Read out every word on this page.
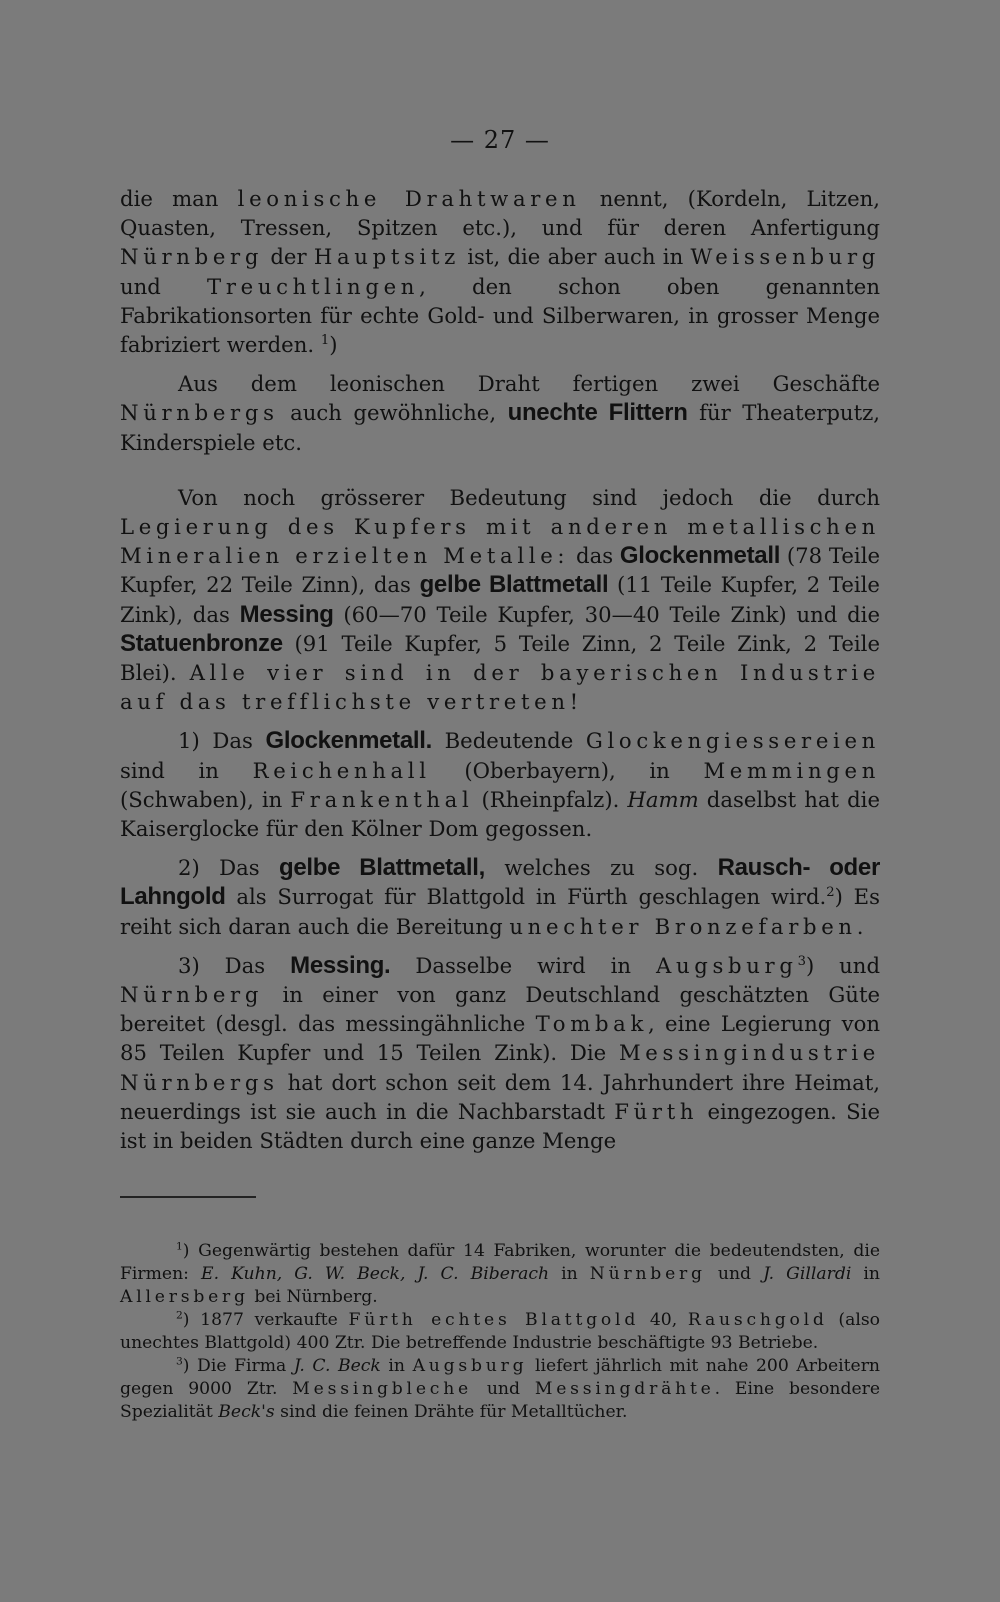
— 27 —

die man leonische Drahtwaren nennt, (Kordeln, Litzen, Quasten, Tressen, Spitzen etc.), und für deren Anfertigung Nürnberg der Hauptsitz ist, die aber auch in Weissenburg und Treuchtlingen, den schon oben genannten Fabrikationsorten für echte Gold- und Silberwaren, in grosser Menge fabriziert werden. $^1$)

Aus dem leonischen Draht fertigen zwei Geschäfte Nürnbergs auch gewöhnliche, unechte Flittern für Theaterputz, Kinderspiele etc.

Von noch grösserer Bedeutung sind jedoch die durch Legierung des Kupfers mit anderen metallischen Mineralien erzielten Metalle: das Glockenmetall (78 Teile Kupfer, 22 Teile Zinn), das gelbe Blattmetall (11 Teile Kupfer, 2 Teile Zink), das Messing (60—70 Teile Kupfer, 30—40 Teile Zink) und die Statuenbronze (91 Teile Kupfer, 5 Teile Zinn, 2 Teile Zink, 2 Teile Blei). Alle vier sind in der bayerischen Industrie auf das trefflichste vertreten!

1) Das Glockenmetall. Bedeutende Glockengiessereien sind in Reichenhall (Oberbayern), in Memmingen (Schwaben), in Frankenthal (Rheinpfalz). Hamm daselbst hat die Kaiserglocke für den Kölner Dom gegossen.

2) Das gelbe Blattmetall, welches zu sog. Rausch- oder Lahngold als Surrogat für Blattgold in Fürth geschlagen wird.$^2$) Es reiht sich daran auch die Bereitung unechter Bronzefarben.

3) Das Messing. Dasselbe wird in Augsburg$^3$) und Nürnberg in einer von ganz Deutschland geschätzten Güte bereitet (desgl. das messingähnliche Tombak, eine Legierung von 85 Teilen Kupfer und 15 Teilen Zink). Die Messingindustrie Nürnbergs hat dort schon seit dem 14. Jahrhundert ihre Heimat, neuerdings ist sie auch in die Nachbarstadt Fürth eingezogen. Sie ist in beiden Städten durch eine ganze Menge

$^1$) Gegenwärtig bestehen dafür 14 Fabriken, worunter die bedeutendsten, die Firmen: E. Kuhn, G. W. Beck, J. C. Biberach in Nürnberg und J. Gillardi in Allersberg bei Nürnberg.

$^2$) 1877 verkaufte Fürth echtes Blattgold 40, Rauschgold (also unechtes Blattgold) 400 Ztr. Die betreffende Industrie beschäftigte 93 Betriebe.

$^3$) Die Firma J. C. Beck in Augsburg liefert jährlich mit nahe 200 Arbeitern gegen 9000 Ztr. Messingbleche und Messingdrähte. Eine besondere Spezialität Beck's sind die feinen Drähte für Metalltücher.
